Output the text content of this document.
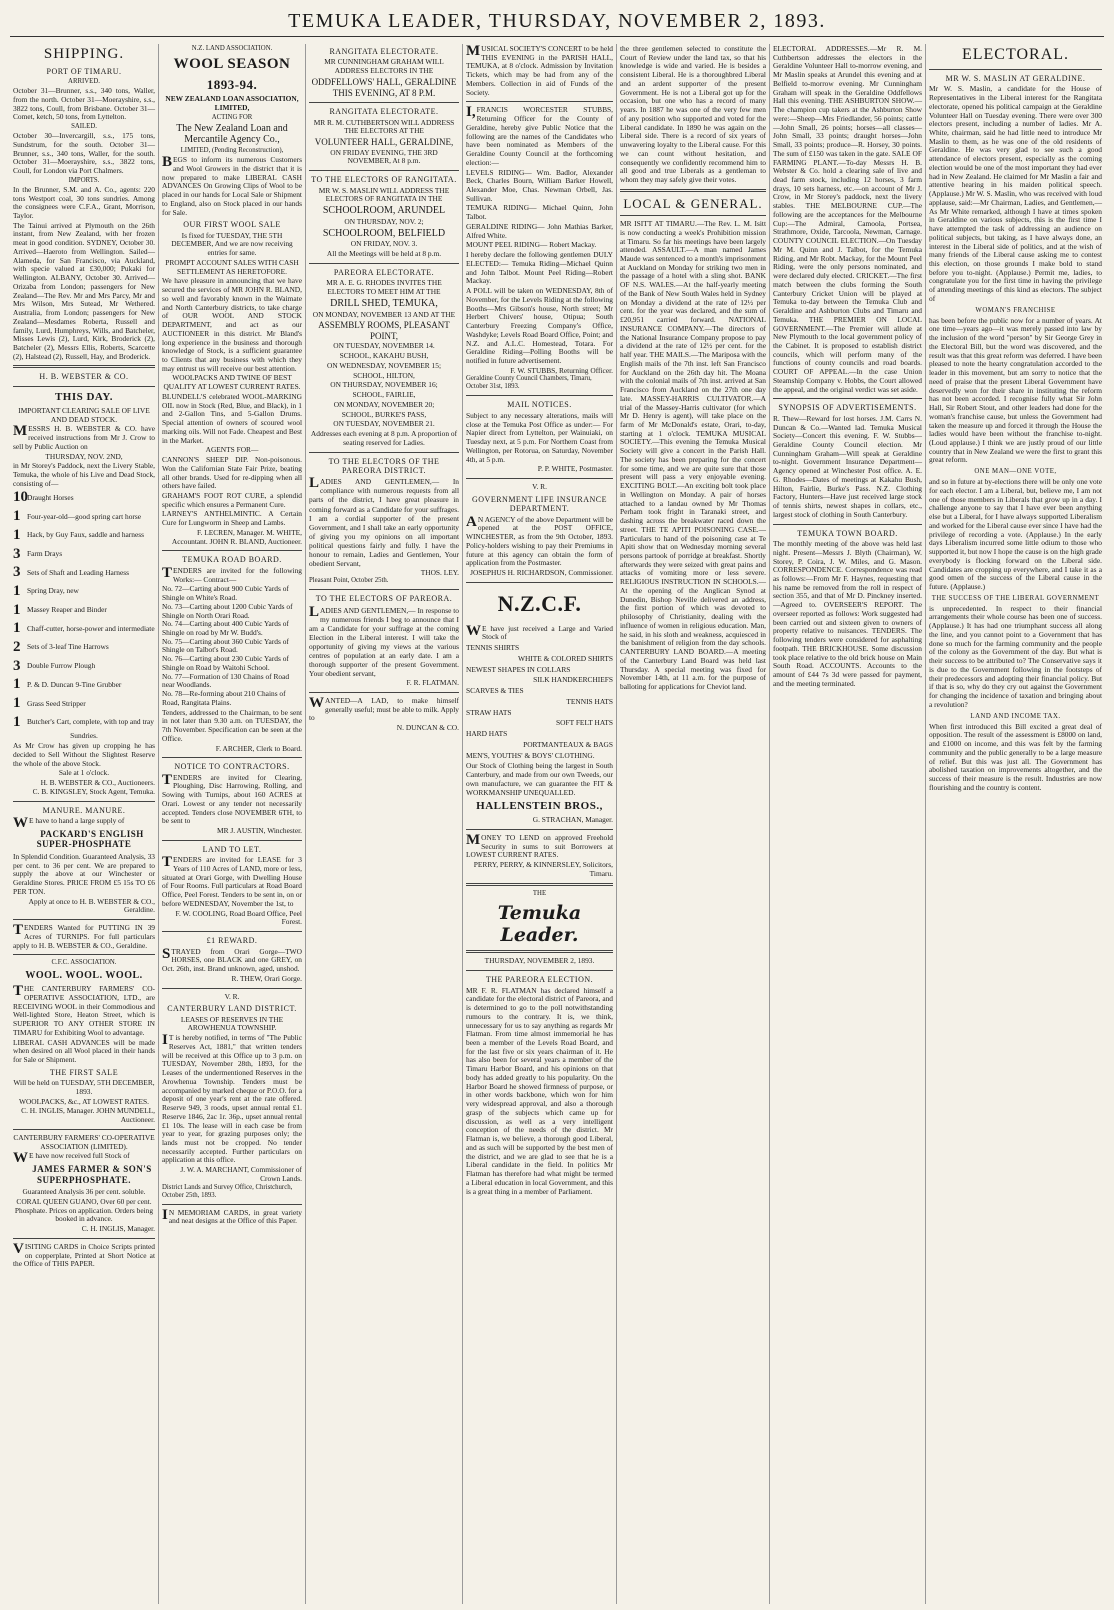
TEMUKA LEADER, THURSDAY, NOVEMBER 2, 1893.
SHIPPING.
PORT OF TIMARU.
ARRIVED.

October 31—Brunner, s.s., 340 tons, Waller, from the north. October 31—Moerayshire, s.s., 3822 tons, Coull, from Brisbane. October 31—Comet, ketch, 50 tons, from Lyttelton.

SAILED.

October 30—Invercargill, s.s., 175 tons, Sundstrum, for the south. October 31—Brunner, s.s., 340 tons, Waller, for the south. October 31—Moerayshire, s.s., 3822 tons, Coull, for London via Port Chalmers.

IMPORTS.

In the Brunner, S.M. and A. Co., agents: 220 tons Westport coal, 30 tons sundries. Among the consignees were C.F.A., Grant, Morrison, Taylor.

The Tainui arrived at Plymouth on the 26th instant, from New Zealand, with her frozen meat in good condition. SYDNEY, October 30. Arrived—Haeroto from Wellington. Sailed—Alameda, for San Francisco, via Auckland, with specie valued at £30,000; Pukaki for Wellington. ALBANY, October 30. Arrived—Orizaba from London; passengers for New Zealand—The Rev. Mr and Mrs Parcy, Mr and Mrs Wilson, Mrs Sutead, Mr Wethered. Australia, from London; passengers for New Zealand—Mesdames Roberta, Russell and family, Lurd, Humphreys, Wills, and Batcheler, Misses Lewis (2), Lurd, Kirk, Broderick (2), Batcheler (2), Messrs Ellis, Roberts, Scarcette (2), Halstead (2), Russell, Hay, and Broderick.

H. B. WEBSTER & CO.
THIS DAY.
IMPORTANT CLEARING SALE OF LIVE AND DEAD STOCK.

MESSRS H. B. WEBSTER & CO. have received instructions from Mr J. Crow to sell by Public Auction on

THURSDAY, NOV. 2ND,

in Mr Storey's Paddock, next the Livery Stable, Temuka, the whole of his Live and Dead Stock, consisting of—

10 Draught Horses
1 Four-year-old—good spring cart horse
1 Hack, by Guy Faux, saddle and harness
3 Farm Drays
3 Sets of Shaft and Leading Harness
1 Spring Dray, new
1 Massey Reaper and Binder
1 Chaff-cutter, horse-power and intermediate
2 Sets of 3-leaf Tine Harrows
3 Double Furrow Plough
1 P. & D. Duncan 9-Tine Grubber
1 Grass Seed Stripper
1 Butcher's Cart, complete, with top and tray
Sundries.

As Mr Crow has given up cropping he has decided to Sell Without the Slightest Reserve the whole of the above Stock.

Sale at 1 o'clock.
H. B. WEBSTER & CO., Auctioneers.
C. B. KINGSLEY, Stock Agent, Temuka.
MANURE. MANURE.

WE have to hand a large supply of

PACKARD'S ENGLISH SUPER-PHOSPHATE

In Splendid Condition. Guaranteed Analysis, 33 per cent. to 36 per cent. We are prepared to supply the above at our Winchester or Geraldine Stores. PRICE FROM £5 15s TO £6 PER TON.

Apply at once to H. B. WEBSTER & CO., Geraldine.

TENDERS Wanted for PUTTING IN 39 Acres of TURNIPS. For full particulars apply to H. B. WEBSTER & CO., Geraldine.

C.F.C. ASSOCIATION.
WOOL. WOOL. WOOL.

THE CANTERBURY FARMERS' CO-OPERATIVE ASSOCIATION, LTD., are RECEIVING WOOL in their Commodious and Well-lighted Store, Heaton Street, which is SUPERIOR TO ANY OTHER STORE IN TIMARU for Exhibiting Wool to advantage.

LIBERAL CASH ADVANCES will be made when desired on all Wool placed in their hands for Sale or Shipment.

THE FIRST SALE
Will be held on TUESDAY, 5TH DECEMBER, 1893.
WOOLPACKS, &c., AT LOWEST RATES.
C. H. INGLIS, Manager. JOHN MUNDELL, Auctioneer.
CANTERBURY FARMERS' CO-OPERATIVE ASSOCIATION (LIMITED).

WE have now received full Stock of

JAMES FARMER & SON'S SUPERPHOSPHATE.
Guaranteed Analysis 36 per cent. soluble.
CORAL QUEEN GUANO, Over 60 per cent. Phosphate. Prices on application. Orders being booked in advance.
C. H. INGLIS, Manager.

VISITING CARDS in Choice Scripts printed on copperplate, Printed at Short Notice at the Office of THIS PAPER.

N.Z. LAND ASSOCIATION.
WOOL SEASON
1893-94.
NEW ZEALAND LOAN ASSOCIATION, LIMITED,
ACTING FOR
The New Zealand Loan and Mercantile Agency Co.,
LIMITED, (Pending Reconstruction),

BEGS to inform its numerous Customers and Wool Growers in the district that it is now prepared to make LIBERAL CASH ADVANCES On Growing Clips of Wool to be placed in our hands for Local Sale or Shipment to England, also on Stock placed in our hands for Sale.

OUR FIRST WOOL SALE
Is fixed for TUESDAY, THE 5TH DECEMBER, And we are now receiving entries for same.
PROMPT ACCOUNT SALES WITH CASH SETTLEMENT AS HERETOFORE.

We have pleasure in announcing that we have secured the services of MR JOHN R. BLAND, so well and favorably known in the Waimate and North Canterbury districts, to take charge of OUR WOOL AND STOCK DEPARTMENT, and act as our AUCTIONEER in this district. Mr Bland's long experience in the business and thorough knowledge of Stock, is a sufficient guarantee to Clients that any business with which they may entrust us will receive our best attention.

WOOLPACKS AND TWINE OF BEST QUALITY AT LOWEST CURRENT RATES.

BLUNDELL'S celebrated WOOL-MARKING OIL now in Stock (Red, Blue, and Black), in 1 and 2-Gallon Tins, and 5-Gallon Drums. Special attention of owners of scoured wool marking oils. Will not Fade. Cheapest and Best in the Market.

AGENTS FOR—

CANNON'S SHEEP DIP. Non-poisonous. Won the Californian State Fair Prize, beating all other brands. Used for re-dipping when all others have failed.

GRAHAM'S FOOT ROT CURE, a splendid specific which ensures a Permanent Cure.

LARNEY'S ANTHELMINTIC. A Certain Cure for Lungworm in Sheep and Lambs.

F. LECREN, Manager. M. WHITE, Accountant. JOHN R. BLAND, Auctioneer.
TEMUKA ROAD BOARD.

TENDERS are invited for the following Works:— Contract—

No. 72—Carting about 900 Cubic Yards of Shingle on White's Road.
No. 73—Carting about 1200 Cubic Yards of Shingle on North Orari Road.
No. 74—Carting about 400 Cubic Yards of Shingle on road by Mr W. Budd's.
No. 75—Carting about 360 Cubic Yards of Shingle on Talbot's Road.
No. 76—Carting about 230 Cubic Yards of Shingle on Road by Waitohi School.
No. 77—Formation of 130 Chains of Road near Woodlands.
No. 78—Re-forming about 210 Chains of Road, Rangitata Plains.

Tenders, addressed to the Chairman, to be sent in not later than 9.30 a.m. on TUESDAY, the 7th November. Specification can be seen at the Office.

F. ARCHER, Clerk to Board.
NOTICE TO CONTRACTORS.

TENDERS are invited for Clearing, Ploughing, Disc Harrowing, Rolling, and Sowing with Turnips, about 160 ACRES at Orari. Lowest or any tender not necessarily accepted. Tenders close NOVEMBER 6TH, to be sent to

MR J. AUSTIN, Winchester.
LAND TO LET.

TENDERS are invited for LEASE for 3 Years of 110 Acres of LAND, more or less, situated at Orari Gorge, with Dwelling House of Four Rooms. Full particulars at Road Board Office, Peel Forest. Tenders to be sent in, on or before WEDNESDAY, November the 1st, to

F. W. COOLING, Road Board Office, Peel Forest.
£1 REWARD.

STRAYED from Orari Gorge—TWO HORSES, one BLACK and one GREY, on Oct. 26th, inst. Brand unknown, aged, unshod.

R. THEW, Orari Gorge.
V. R.
CANTERBURY LAND DISTRICT.
LEASES OF RESERVES IN THE AROWHENUA TOWNSHIP.

IT is hereby notified, in terms of "The Public Reserves Act, 1881," that written tenders will be received at this Office up to 3 p.m. on TUESDAY, November 28th, 1893, for the Leases of the undermentioned Reserves in the Arowhenua Township. Tenders must be accompanied by marked cheque or P.O.O. for a deposit of one year's rent at the rate offered. Reserve 949, 3 roods, upset annual rental £1. Reserve 1846, 2ac 1r. 36p., upset annual rental £1 10s. The lease will in each case be from year to year, for grazing purposes only; the lands must not be cropped. No tender necessarily accepted. Further particulars on application at this office.

J. W. A. MARCHANT, Commissioner of Crown Lands.
District Lands and Survey Office, Christchurch, October 25th, 1893.

IN MEMORIAM CARDS, in great variety and neat designs at the Office of this Paper.

RANGITATA ELECTORATE.
MR CUNNINGHAM GRAHAM WILL ADDRESS ELECTORS IN THE
ODDFELLOWS' HALL, GERALDINE THIS EVENING, AT 8 P.M.
RANGITATA ELECTORATE.
MR R. M. CUTHBERTSON WILL ADDRESS THE ELECTORS AT THE
VOLUNTEER HALL, GERALDINE,
ON FRIDAY EVENING, THE 3RD NOVEMBER, At 8 p.m.
TO THE ELECTORS OF RANGITATA.
MR W. S. MASLIN WILL ADDRESS THE ELECTORS OF RANGITATA IN THE
SCHOOLROOM, ARUNDEL
ON THURSDAY, NOV. 2;
SCHOOLROOM, BELFIELD
ON FRIDAY, NOV. 3.
All the Meetings will be held at 8 p.m.
PAREORA ELECTORATE.
MR A. E. G. RHODES INVITES THE ELECTORS TO MEET HIM AT THE
DRILL SHED, TEMUKA,
ON MONDAY, NOVEMBER 13 AND AT THE
ASSEMBLY ROOMS, PLEASANT POINT,
ON TUESDAY, NOVEMBER 14.
SCHOOL, KAKAHU BUSH,
ON WEDNESDAY, NOVEMBER 15;
SCHOOL, HILTON,
ON THURSDAY, NOVEMBER 16;
SCHOOL, FAIRLIE,
ON MONDAY, NOVEMBER 20;
SCHOOL, BURKE'S PASS,
ON TUESDAY, NOVEMBER 21.
Addresses each evening at 8 p.m. A proportion of seating reserved for Ladies.
TO THE ELECTORS OF THE PAREORA DISTRICT.

LADIES AND GENTLEMEN,— In compliance with numerous requests from all parts of the district, I have great pleasure in coming forward as a Candidate for your suffrages. I am a cordial supporter of the present Government, and I shall take an early opportunity of giving you my opinions on all important political questions fairly and fully. I have the honour to remain, Ladies and Gentlemen, Your obedient Servant,

THOS. LEY.
Pleasant Point, October 25th.
TO THE ELECTORS OF PAREORA.

LADIES AND GENTLEMEN,— In response to my numerous friends I beg to announce that I am a Candidate for your suffrage at the coming Election in the Liberal interest. I will take the opportunity of giving my views at the various centres of population at an early date. I am a thorough supporter of the present Government. Your obedient servant,

F. R. FLATMAN.

WANTED—A LAD, to make himself generally useful; must be able to milk. Apply to

N. DUNCAN & CO.

MUSICAL SOCIETY'S CONCERT to be held THIS EVENING in the PARISH HALL, TEMUKA, at 8 o'clock. Admission by Invitation Tickets, which may be had from any of the Members. Collection in aid of Funds of the Society.

I,FRANCIS WORCESTER STUBBS, Returning Officer for the County of Geraldine, hereby give Public Notice that the following are the names of the Candidates who have been nominated as Members of the Geraldine County Council at the forthcoming election:—

LEVELS RIDING— Wm. Badlor, Alexander Beck, Charles Bourn, William Barker Howell, Alexander Moe, Chas. Newman Orbell, Jas. Sullivan.

TEMUKA RIDING— Michael Quinn, John Talbot.

GERALDINE RIDING— John Mathias Barker, Alfred White.

MOUNT PEEL RIDING— Robert Mackay.

I hereby declare the following gentlemen DULY ELECTED:— Temuka Riding—Michael Quinn and John Talbot. Mount Peel Riding—Robert Mackay.

A POLL will be taken on WEDNESDAY, 8th of November, for the Levels Riding at the following Booths—Mrs Gibson's house, North street; Mr Herbert Chivers' house, Otipua; South Canterbury Freezing Company's Office, Washdyke; Levels Road Board Office, Point; and N.Z. and A.L.C. Homestead, Totara. For Geraldine Riding—Polling Booths will be notified in future advertisement.

F. W. STUBBS, Returning Officer.
Geraldine County Council Chambers, Timaru, October 31st, 1893.
MAIL NOTICES.

Subject to any necessary alterations, mails will close at the Temuka Post Office as under:— For Napier direct from Lyttelton, per Wainuiaki, on Tuesday next, at 5 p.m. For Northern Coast from Wellington, per Rotorua, on Saturday, November 4th, at 5 p.m.

P. P. WHITE, Postmaster.
V. R.
GOVERNMENT LIFE INSURANCE DEPARTMENT.

AN AGENCY of the above Department will be opened at the POST OFFICE, WINCHESTER, as from the 9th October, 1893. Policy-holders wishing to pay their Premiums in future at this agency can obtain the form of application from the Postmaster.

JOSEPHUS H. RICHARDSON, Commissioner.
N.Z.C.F.

WE have just received a Large and Varied Stock of

TENNIS SHIRTS
WHITE & COLORED SHIRTS
NEWEST SHAPES IN COLLARS
SILK HANDKERCHIEFS
SCARVES & TIES
TENNIS HATS
STRAW HATS
SOFT FELT HATS
HARD HATS
PORTMANTEAUX & BAGS
MEN'S, YOUTHS' & BOYS' CLOTHING.

Our Stock of Clothing being the largest in South Canterbury, and made from our own Tweeds, our own manufacture, we can guarantee the FIT & WORKMANSHIP UNEQUALLED.

HALLENSTEIN BROS.,
G. STRACHAN, Manager.

MONEY TO LEND on approved Freehold Security in sums to suit Borrowers at LOWEST CURRENT RATES.

PERRY, PERRY, & KINNERSLEY, Solicitors, Timaru.
THE
Temuka Leader.
THURSDAY, NOVEMBER 2, 1893.
THE PAREORA ELECTION.

MR F. R. FLATMAN has declared himself a candidate for the electoral district of Pareora, and is determined to go to the poll notwithstanding rumours to the contrary. It is, we think, unnecessary for us to say anything as regards Mr Flatman. From time almost immemorial he has been a member of the Levels Road Board, and for the last five or six years chairman of it. He has also been for several years a member of the Timaru Harbor Board, and his opinions on that body has added greatly to his popularity. On the Harbor Board he showed firmness of purpose, or in other words backbone, which won for him very widespread approval, and also a thorough grasp of the subjects which came up for discussion, as well as a very intelligent conception of the needs of the district. Mr Flatman is, we believe, a thorough good Liberal, and as such will be supported by the best men of the district, and we are glad to see that he is a Liberal candidate in the field. In politics Mr Flatman has therefore had what might be termed a Liberal education in local Government, and this is a great thing in a member of Parliament.

the three gentlemen selected to constitute the Court of Review under the land tax, so that his knowledge is wide and varied. He is besides a consistent Liberal. He is a thoroughbred Liberal and an ardent supporter of the present Government. He is not a Liberal got up for the occasion, but one who has a record of many years. In 1887 he was one of the very few men of any position who supported and voted for the Liberal candidate. In 1890 he was again on the Liberal side. There is a record of six years of unwavering loyalty to the Liberal cause. For this we can count without hesitation, and consequently we confidently recommend him to all good and true Liberals as a gentleman to whom they may safely give their votes.

LOCAL & GENERAL.

MR ISITT AT TIMARU.—The Rev. L. M. Isitt is now conducting a week's Prohibition mission at Timaru. So far his meetings have been largely attended. ASSAULT.—A man named James Maude was sentenced to a month's imprisonment at Auckland on Monday for striking two men in the passage of a hotel with a sling shot. BANK OF N.S. WALES.—At the half-yearly meeting of the Bank of New South Wales held in Sydney on Monday a dividend at the rate of 12½ per cent. for the year was declared, and the sum of £20,951 carried forward. NATIONAL INSURANCE COMPANY.—The directors of the National Insurance Company propose to pay a dividend at the rate of 12½ per cent. for the half year. THE MAILS.—The Mariposa with the English mails of the 7th inst. left San Francisco for Auckland on the 26th day hit. The Moana with the colonial mails of 7th inst. arrived at San Francisco from Auckland on the 27th one day late. MASSEY-HARRIS CULTIVATOR.—A trial of the Massey-Harris cultivator (for which Mr D. Henry is agent), will take place on the farm of Mr McDonald's estate, Orari, to-day, starting at 1 o'clock. TEMUKA MUSICAL SOCIETY.—This evening the Temuka Musical Society will give a concert in the Parish Hall. The society has been preparing for the concert for some time, and we are quite sure that those present will pass a very enjoyable evening. EXCITING BOLT.—An exciting bolt took place in Wellington on Monday. A pair of horses attached to a landau owned by Mr Thomas Perham took fright in Taranaki street, and dashing across the breakwater raced down the street. THE TE APITI POISONING CASE.—Particulars to hand of the poisoning case at Te Apiti show that on Wednesday morning several persons partook of porridge at breakfast. Shortly afterwards they were seized with great pains and attacks of vomiting more or less severe. RELIGIOUS INSTRUCTION IN SCHOOLS.—At the opening of the Anglican Synod at Dunedin, Bishop Neville delivered an address, the first portion of which was devoted to philosophy of Christianity, dealing with the influence of women in religious education. Man, he said, in his sloth and weakness, acquiesced in the banishment of religion from the day schools. CANTERBURY LAND BOARD.—A meeting of the Canterbury Land Board was held last Thursday. A special meeting was fixed for November 14th, at 11 a.m. for the purpose of balloting for applications for Cheviot land.

ELECTORAL ADDRESSES.—Mr R. M. Cuthbertson addresses the electors in the Geraldine Volunteer Hall to-morrow evening, and Mr Maslin speaks at Arundel this evening and at Belfield to-morrow evening. Mr Cunningham Graham will speak in the Geraldine Oddfellows Hall this evening. THE ASHBURTON SHOW.—The champion cup takers at the Ashburton Show were:—Sheep—Mrs Friedlander, 56 points; cattle—John Small, 26 points; horses—all classes—John Small, 33 points; draught horses—John Small, 33 points; produce—R. Horsey, 30 points. The sum of £150 was taken in the gate. SALE OF FARMING PLANT.—To-day Messrs H. B. Webster & Co. hold a clearing sale of live and dead farm stock, including 12 horses, 3 farm drays, 10 sets harness, etc.—on account of Mr J. Crow, in Mr Storey's paddock, next the livery stables. THE MELBOURNE CUP.—The following are the acceptances for the Melbourne Cup:—The Admiral, Camoola, Portsea, Strathmore, Oxide, Tarcoola, Newman, Carnage. COUNTY COUNCIL ELECTION.—On Tuesday Mr M. Quinn and J. Talbot, for the Temuka Riding, and Mr Robt. Mackay, for the Mount Peel Riding, were the only persons nominated, and were declared duly elected. CRICKET.—The first match between the clubs forming the South Canterbury Cricket Union will be played at Temuka to-day between the Temuka Club and Geraldine and Ashburton Clubs and Timaru and Temuka. THE PREMIER ON LOCAL GOVERNMENT.—The Premier will allude at New Plymouth to the local government policy of the Cabinet. It is proposed to establish district councils, which will perform many of the functions of county councils and road boards. COURT OF APPEAL.—In the case Union Steamship Company v. Hobbs, the Court allowed the appeal, and the original verdict was set aside.

SYNOPSIS OF ADVERTISEMENTS.

R. Thew—Reward for lost horses. J.M. Carrs N. Duncan & Co.—Wanted lad. Temuka Musical Society—Concert this evening. F. W. Stubbs—Geraldine County Council election. Mr Cunningham Graham—Will speak at Geraldine to-night. Government Insurance Department—Agency opened at Winchester Post office. A. E. G. Rhodes—Dates of meetings at Kakahu Bush, Hilton, Fairlie, Burke's Pass. N.Z. Clothing Factory, Hunters—Have just received large stock of tennis shirts, newest shapes in collars, etc., largest stock of clothing in South Canterbury.

TEMUKA TOWN BOARD.

The monthly meeting of the above was held last night. Present—Messrs J. Blyth (Chairman), W. Storey, P. Coira, J. W. Miles, and G. Mason. CORRESPONDENCE. Correspondence was read as follows:—From Mr F. Haynes, requesting that his name be removed from the roll in respect of section 355, and that of Mr D. Pinckney inserted.—Agreed to. OVERSEER'S REPORT. The overseer reported as follows: Work suggested had been carried out and sixteen given to owners of property relative to nuisances. TENDERS. The following tenders were considered for asphalting footpath. THE BRICKHOUSE. Some discussion took place relative to the old brick house on Main South Road. ACCOUNTS. Accounts to the amount of £44 7s 3d were passed for payment, and the meeting terminated.

ELECTORAL.
MR W. S. MASLIN AT GERALDINE.

Mr W. S. Maslin, a candidate for the House of Representatives in the Liberal interest for the Rangitata electorate, opened his political campaign at the Geraldine Volunteer Hall on Tuesday evening. There were over 300 electors present, including a number of ladies. Mr A. White, chairman, said he had little need to introduce Mr Maslin to them, as he was one of the old residents of Geraldine. He was very glad to see such a good attendance of electors present, especially as the coming election would be one of the most important they had ever had in New Zealand. He claimed for Mr Maslin a fair and attentive hearing in his maiden political speech. (Applause.) Mr W. S. Maslin, who was received with loud applause, said:—Mr Chairman, Ladies, and Gentlemen,—As Mr White remarked, although I have at times spoken in Geraldine on various subjects, this is the first time I have attempted the task of addressing an audience on political subjects, but taking, as I have always done, an interest in the Liberal side of politics, and at the wish of many friends of the Liberal cause asking me to contest this election, on those grounds I make bold to stand before you to-night. (Applause.) Permit me, ladies, to congratulate you for the first time in having the privilege of attending meetings of this kind as electors. The subject of

WOMAN'S FRANCHISE

has been before the public now for a number of years. At one time—years ago—it was merely passed into law by the inclusion of the word "person" by Sir George Grey in the Electoral Bill, but the word was discovered, and the result was that this great reform was deferred. I have been pleased to note the hearty congratulation accorded to the leader in this movement, but am sorry to notice that the need of praise that the present Liberal Government have deservedly won for their share in instituting the reform has not been accorded. I recognise fully what Sir John Hall, Sir Robert Stout, and other leaders had done for the woman's franchise cause, but unless the Government had taken the measure up and forced it through the House the ladies would have been without the franchise to-night. (Loud applause.) I think we are justly proud of our little country that in New Zealand we were the first to grant this great reform.

ONE MAN—ONE VOTE,

and so in future at by-elections there will be only one vote for each elector. I am a Liberal, but, believe me, I am not one of those members in Liberals that grow up in a day. I challenge anyone to say that I have ever been anything else but a Liberal, for I have always supported Liberalism and worked for the Liberal cause ever since I have had the privilege of recording a vote. (Applause.) In the early days Liberalism incurred some little odium to those who supported it, but now I hope the cause is on the high grade everybody is flocking forward on the Liberal side. Candidates are cropping up everywhere, and I take it as a good omen of the success of the Liberal cause in the future. (Applause.)

THE SUCCESS OF THE LIBERAL GOVERNMENT

is unprecedented. In respect to their financial arrangements their whole course has been one of success. (Applause.) It has had one triumphant success all along the line, and you cannot point to a Government that has done so much for the farming community and the people of the colony as the Government of the day. But what is their success to be attributed to? The Conservative says it is due to the Government following in the footsteps of their predecessors and adopting their financial policy. But if that is so, why do they cry out against the Government for changing the incidence of taxation and bringing about a revolution?

LAND AND INCOME TAX.

When first introduced this Bill excited a great deal of opposition. The result of the assessment is £8000 on land, and £1000 on income, and this was felt by the farming community and the public generally to be a large measure of relief. But this was just all. The Government has abolished taxation on improvements altogether, and the success of their measure is the result. Industries are now flourishing and the country is content.
